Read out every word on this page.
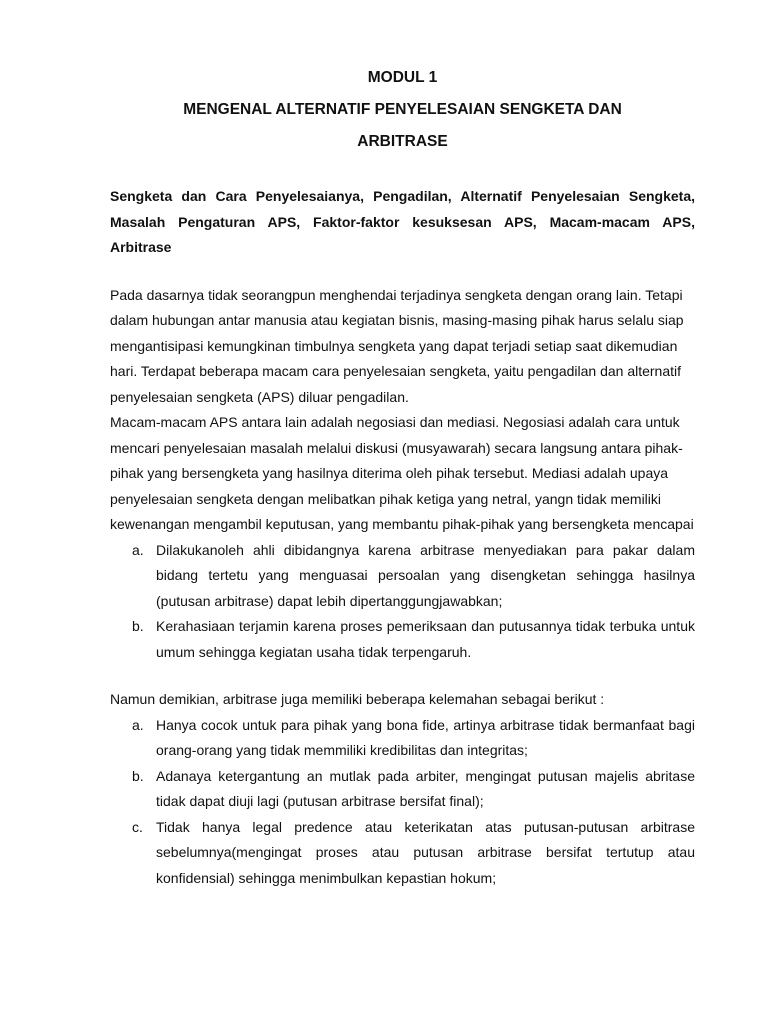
MODUL 1

MENGENAL ALTERNATIF PENYELESAIAN SENGKETA DAN

ARBITRASE

Sengketa dan Cara Penyelesaianya, Pengadilan, Alternatif Penyelesaian Sengketa, Masalah Pengaturan APS, Faktor-faktor kesuksesan APS, Macam-macam APS, Arbitrase

Pada dasarnya tidak seorangpun menghendai terjadinya sengketa dengan orang lain. Tetapi dalam hubungan antar manusia atau kegiatan bisnis, masing-masing pihak harus selalu siap mengantisipasi kemungkinan timbulnya sengketa yang dapat terjadi setiap saat dikemudian hari. Terdapat beberapa macam cara penyelesaian sengketa, yaitu pengadilan dan alternatif penyelesaian sengketa (APS) diluar pengadilan.

Macam-macam APS antara lain adalah negosiasi dan mediasi. Negosiasi adalah cara untuk mencari penyelesaian masalah melalui diskusi (musyawarah) secara langsung antara pihak-pihak yang bersengketa yang hasilnya diterima oleh pihak tersebut. Mediasi adalah upaya penyelesaian sengketa dengan melibatkan pihak ketiga yang netral, yangn tidak memiliki kewenangan mengambil keputusan, yang membantu pihak-pihak yang bersengketa mencapai

a. Dilakukanoleh ahli dibidangnya karena arbitrase menyediakan para pakar dalam bidang tertetu yang menguasai persoalan yang disengketan sehingga hasilnya (putusan arbitrase) dapat lebih dipertanggungjawabkan;
b. Kerahasiaan terjamin karena proses pemeriksaan dan putusannya tidak terbuka untuk umum sehingga kegiatan usaha tidak terpengaruh.

Namun demikian, arbitrase juga memiliki beberapa kelemahan sebagai berikut :

a. Hanya cocok untuk para pihak yang bona fide, artinya arbitrase tidak bermanfaat bagi orang-orang yang tidak memmiliki kredibilitas dan integritas;
b. Adanaya ketergantung an mutlak pada arbiter, mengingat putusan majelis abritase tidak dapat diuji lagi (putusan arbitrase bersifat final);
c. Tidak hanya legal predence atau keterikatan atas putusan-putusan arbitrase sebelumnya(mengingat proses atau putusan arbitrase bersifat tertutup atau konfidensial) sehingga menimbulkan kepastian hokum;
